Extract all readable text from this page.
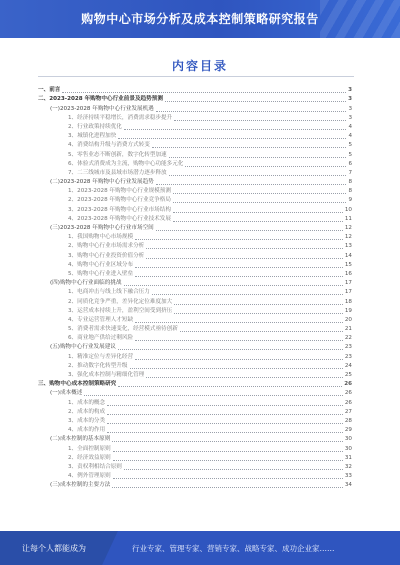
购物中心市场分析及成本控制策略研究报告
内容目录
一、前言	3
二、2023-2028 年购物中心行业前景及趋势预测	3
(一)2023-2028 年购物中心行业发展机遇	3
1、经济持续平稳增长，消费需求稳步提升	3
2、行业政策持续优化	4
3、城镇化进程加快	4
4、消费结构升级与消费方式转变	5
5、零售业态不断创新，数字化转型加速	5
6、体验式消费成为主流，购物中心功能多元化	6
7、二三线城市及县域市场潜力逐步释放	7
(二)2023-2028 年购物中心行业发展趋势	8
1、2023-2028 年购物中心行业规模预测	8
2、2023-2028 年购物中心行业竞争格局	9
3、2023-2028 年购物中心行业市场结构	10
4、2023-2028 年购物中心行业技术发展	11
(三)2023-2028 年购物中心行业市场空间	12
1、我国购物中心市场规模	12
2、购物中心行业市场需求分析	13
3、购物中心行业投资价值分析	14
4、购物中心行业区域分布	15
5、购物中心行业进入壁垒	16
(四)购物中心行业面临的挑战	17
1、电商冲击与线上线下融合压力	17
2、同质化竞争严重，差异化定位难度加大	18
3、运营成本持续上升，盈利空间受到挤压	19
4、专业运营管理人才短缺	20
5、消费者需求快速变化，经营模式亟待创新	21
6、商业地产供给过剩风险	22
(五)购物中心行业发展建议	23
1、精准定位与差异化经营	23
2、推动数字化转型升级	24
3、强化成本控制与精细化管理	25
三、购物中心成本控制策略研究	26
(一)成本概述	26
1、成本的概念	26
2、成本的构成	27
3、成本的分类	28
4、成本的作用	29
(二)成本控制的基本原则	30
1、全面控制原则	30
2、经济效益原则	31
3、责权利相结合原则	32
4、例外管理原则	33
(三)成本控制的主要方法	34
让每个人都能成为	行业专家、管理专家、营销专家、战略专家、成功企业家……
